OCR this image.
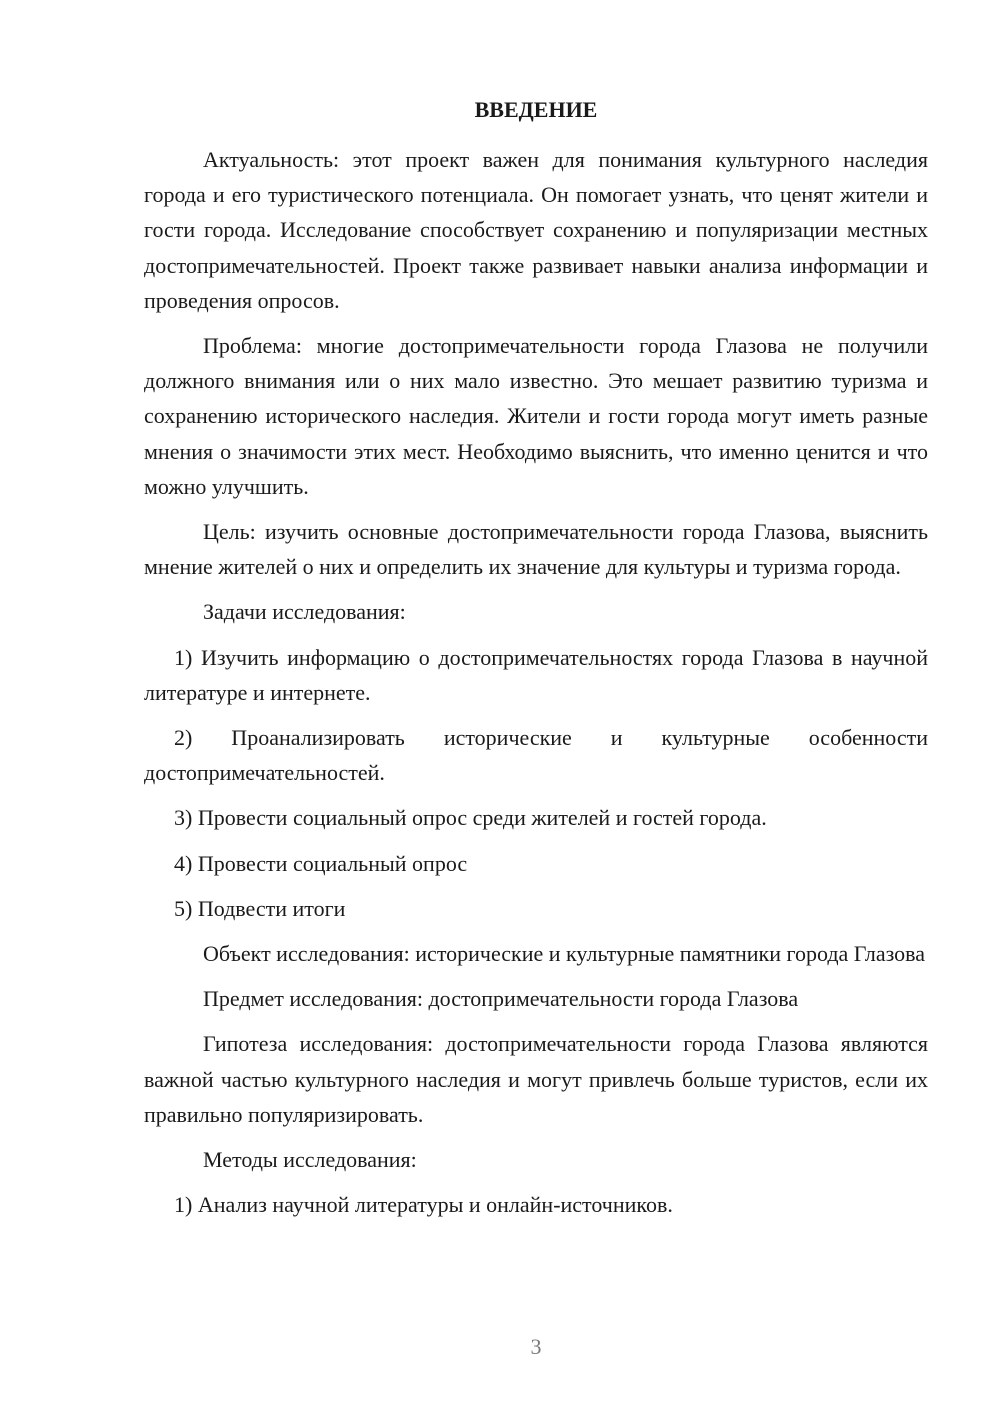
ВВЕДЕНИЕ

Актуальность: этот проект важен для понимания культурного наследия города и его туристического потенциала. Он помогает узнать, что ценят жители и гости города. Исследование способствует сохранению и популяризации местных достопримечательностей. Проект также развивает навыки анализа информации и проведения опросов.

Проблема: многие достопримечательности города Глазова не получили должного внимания или о них мало известно. Это мешает развитию туризма и сохранению исторического наследия. Жители и гости города могут иметь разные мнения о значимости этих мест. Необходимо выяснить, что именно ценится и что можно улучшить.

Цель: изучить основные достопримечательности города Глазова, выяснить мнение жителей о них и определить их значение для культуры и туризма города.

Задачи исследования:

1) Изучить информацию о достопримечательностях города Глазова в научной литературе и интернете.

2) Проанализировать исторические и культурные особенности достопримечательностей.

3) Провести социальный опрос среди жителей и гостей города.

4) Провести социальный опрос

5) Подвести итоги

Объект исследования: исторические и культурные памятники города Глазова

Предмет исследования: достопримечательности города Глазова

Гипотеза исследования: достопримечательности города Глазова являются важной частью культурного наследия и могут привлечь больше туристов, если их правильно популяризировать.

Методы исследования:

1) Анализ научной литературы и онлайн-источников.

3
